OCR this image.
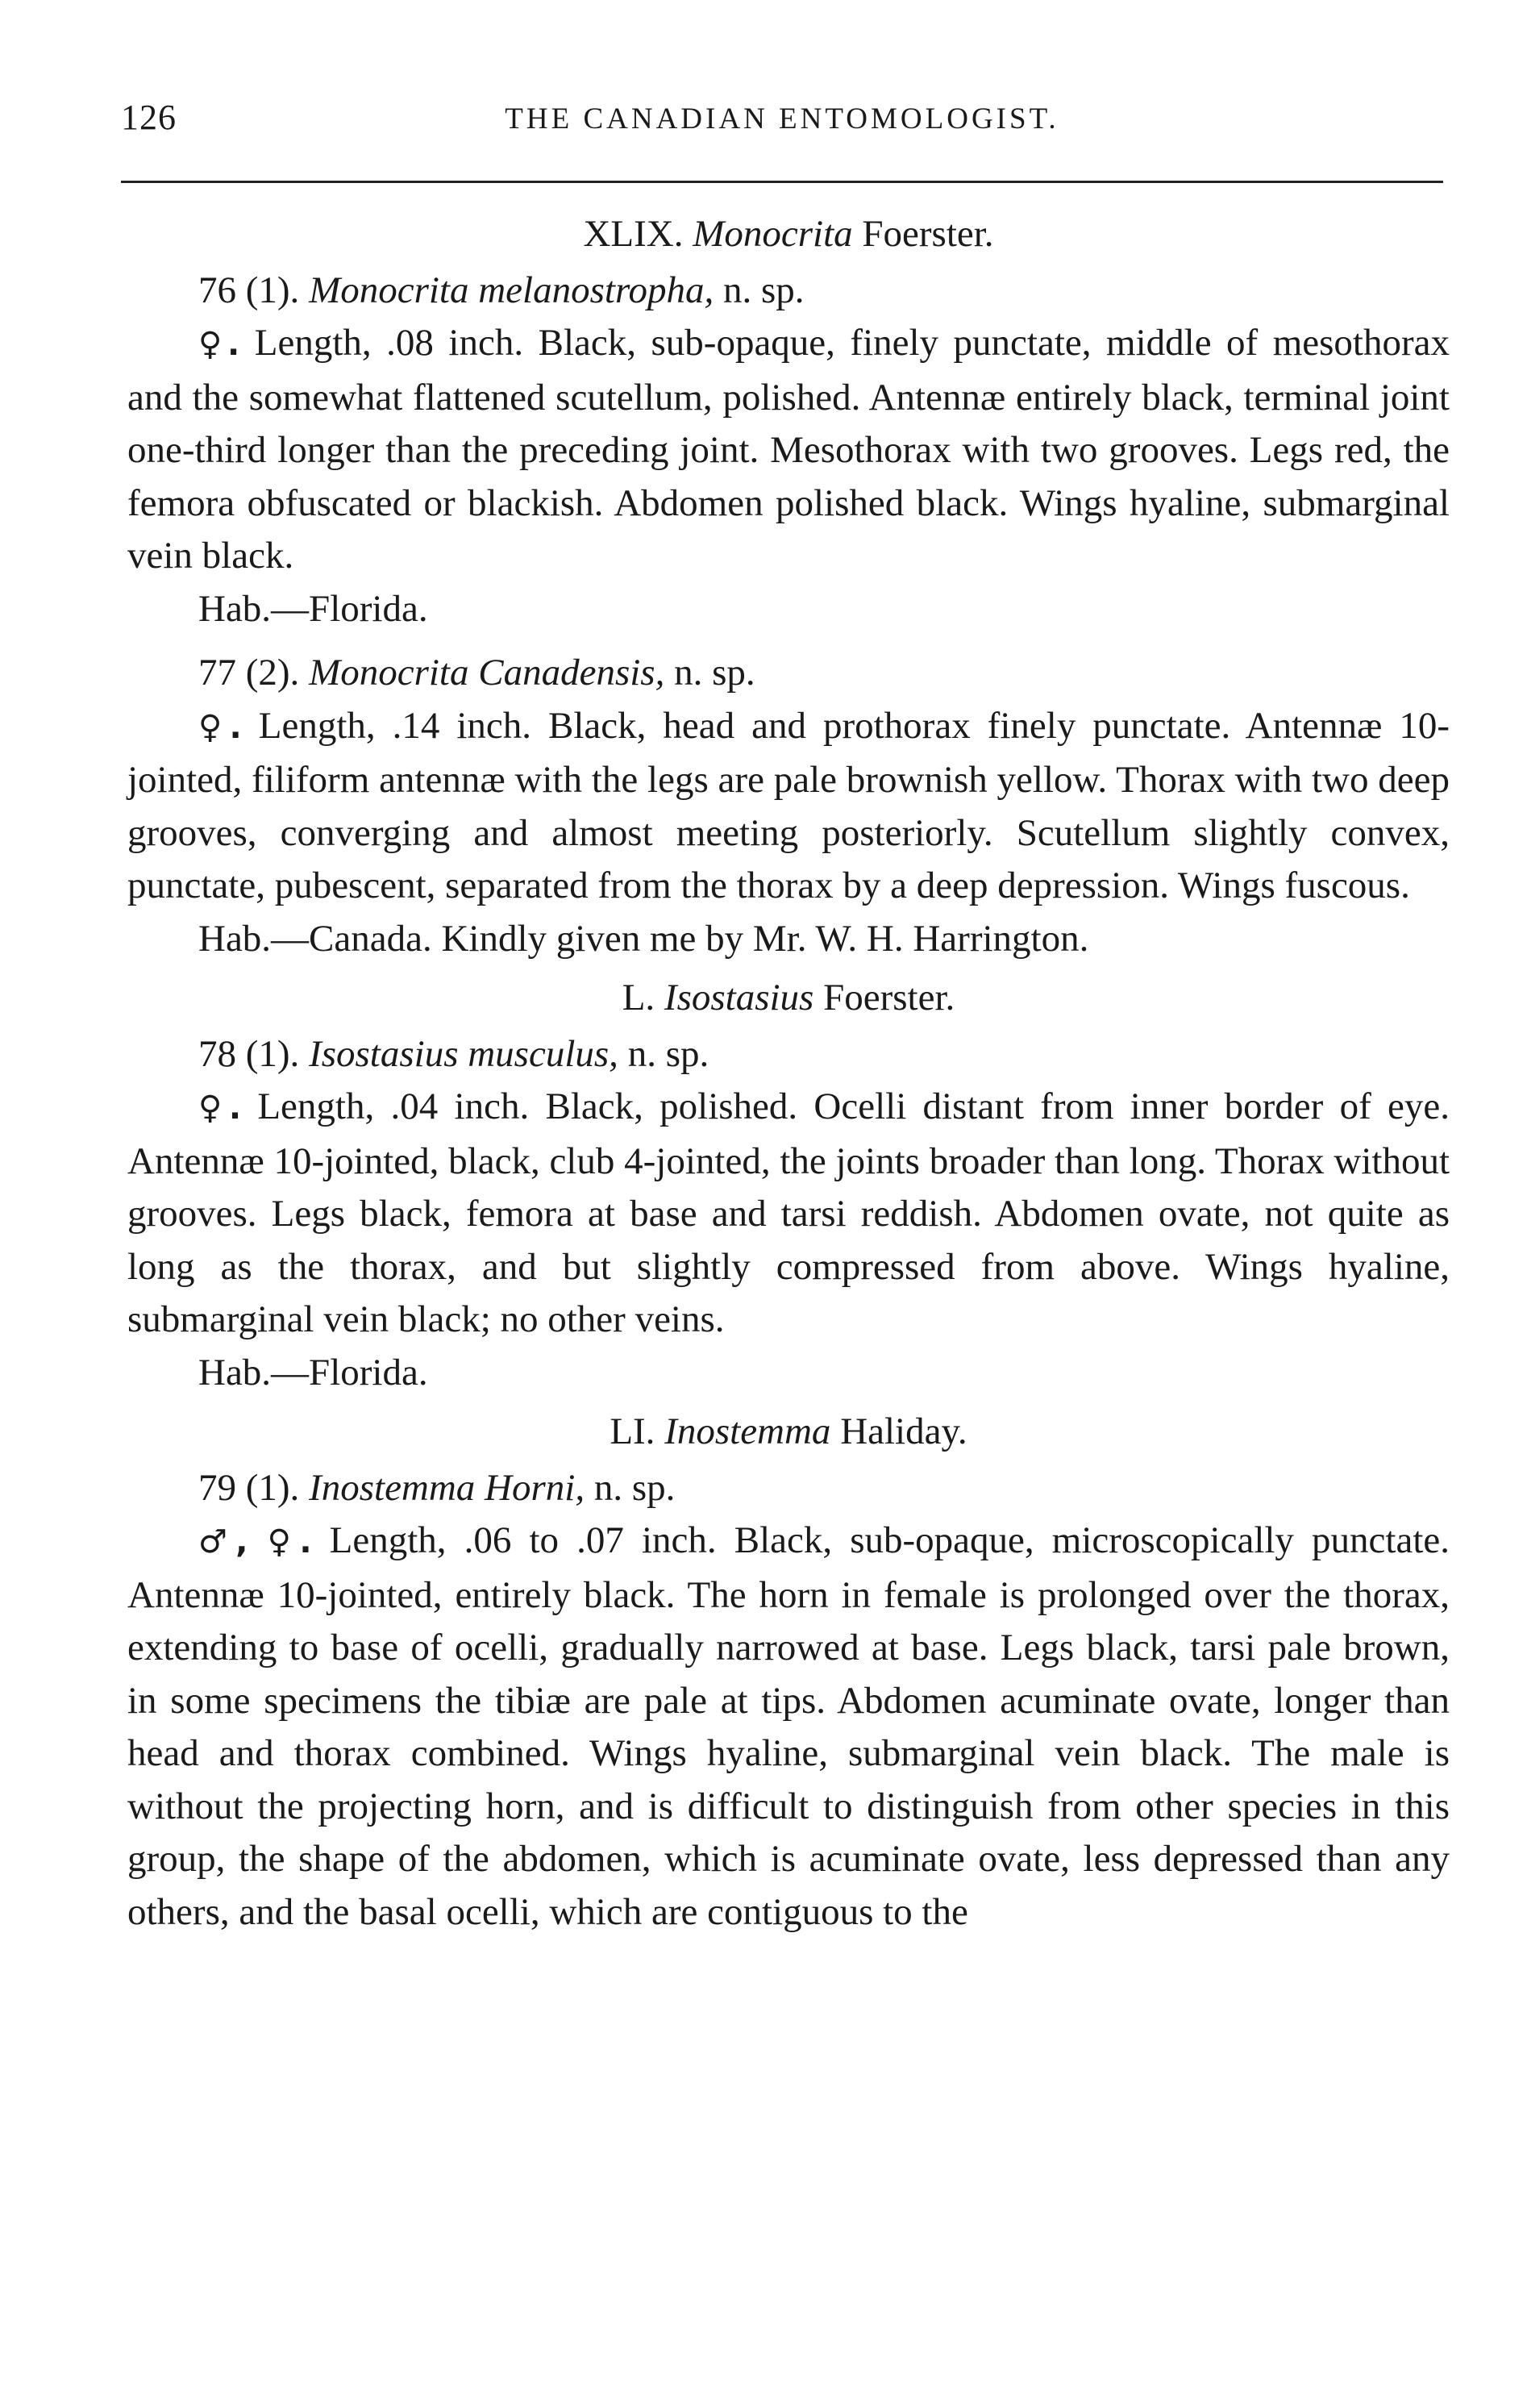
126	THE CANADIAN ENTOMOLOGIST.

XLIX. Monocrita Foerster.

76 (1). Monocrita melanostropha, n. sp.

♀. Length, .08 inch. Black, sub-opaque, finely punctate, middle of mesothorax and the somewhat flattened scutellum, polished. Antennæ entirely black, terminal joint one-third longer than the preceding joint. Mesothorax with two grooves. Legs red, the femora obfuscated or blackish. Abdomen polished black. Wings hyaline, submarginal vein black.

Hab.—Florida.

77 (2). Monocrita Canadensis, n. sp.

♀. Length, .14 inch. Black, head and prothorax finely punctate. Antennæ 10-jointed, filiform antennæ with the legs are pale brownish yellow. Thorax with two deep grooves, converging and almost meeting posteriorly. Scutellum slightly convex, punctate, pubescent, separated from the thorax by a deep depression. Wings fuscous.

Hab.—Canada. Kindly given me by Mr. W. H. Harrington.

L. Isostasius Foerster.

78 (1). Isostasius musculus, n. sp.

♀. Length, .04 inch. Black, polished. Ocelli distant from inner border of eye. Antennæ 10-jointed, black, club 4-jointed, the joints broader than long. Thorax without grooves. Legs black, femora at base and tarsi reddish. Abdomen ovate, not quite as long as the thorax, and but slightly compressed from above. Wings hyaline, submarginal vein black; no other veins.

Hab.—Florida.

LI. Inostemma Haliday.

79 (1). Inostemma Horni, n. sp.

♂, ♀. Length, .06 to .07 inch. Black, sub-opaque, microscopically punctate. Antennæ 10-jointed, entirely black. The horn in female is prolonged over the thorax, extending to base of ocelli, gradually narrowed at base. Legs black, tarsi pale brown, in some specimens the tibiæ are pale at tips. Abdomen acuminate ovate, longer than head and thorax combined. Wings hyaline, submarginal vein black. The male is without the projecting horn, and is difficult to distinguish from other species in this group, the shape of the abdomen, which is acuminate ovate, less depressed than any others, and the basal ocelli, which are contiguous to the
